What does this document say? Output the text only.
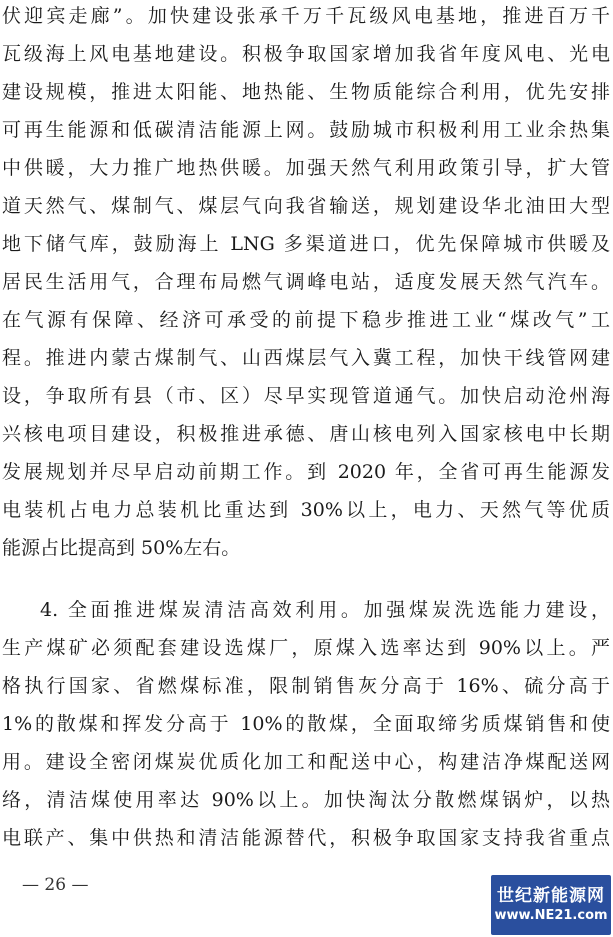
伏迎宾走廊”。加快建设张承千万千瓦级风电基地，推进百万千
瓦级海上风电基地建设。积极争取国家增加我省年度风电、光电
建设规模，推进太阳能、地热能、生物质能综合利用，优先安排
可再生能源和低碳清洁能源上网。鼓励城市积极利用工业余热集
中供暖，大力推广地热供暖。加强天然气利用政策引导，扩大管
道天然气、煤制气、煤层气向我省输送，规划建设华北油田大型
地下储气库，鼓励海上 LNG 多渠道进口，优先保障城市供暖及
居民生活用气，合理布局燃气调峰电站，适度发展天然气汽车。
在气源有保障、经济可承受的前提下稳步推进工业“煤改气”工
程。推进内蒙古煤制气、山西煤层气入冀工程，加快干线管网建
设，争取所有县（市、区）尽早实现管道通气。加快启动沧州海
兴核电项目建设，积极推进承德、唐山核电列入国家核电中长期
发展规划并尽早启动前期工作。到 2020 年，全省可再生能源发
电装机占电力总装机比重达到 30%以上，电力、天然气等优质
能源占比提高到 50%左右。
4. 全面推进煤炭清洁高效利用。加强煤炭洗选能力建设，
生产煤矿必须配套建设选煤厂，原煤入选率达到 90%以上。严
格执行国家、省燃煤标准，限制销售灰分高于 16%、硫分高于
1%的散煤和挥发分高于 10%的散煤，全面取缔劣质煤销售和使
用。建设全密闭煤炭优质化加工和配送中心，构建洁净煤配送网
络，清洁煤使用率达 90%以上。加快淘汰分散燃煤锅炉，以热
电联产、集中供热和清洁能源替代，积极争取国家支持我省重点
— 26 —
世纪新能源网
www.NE21.com
